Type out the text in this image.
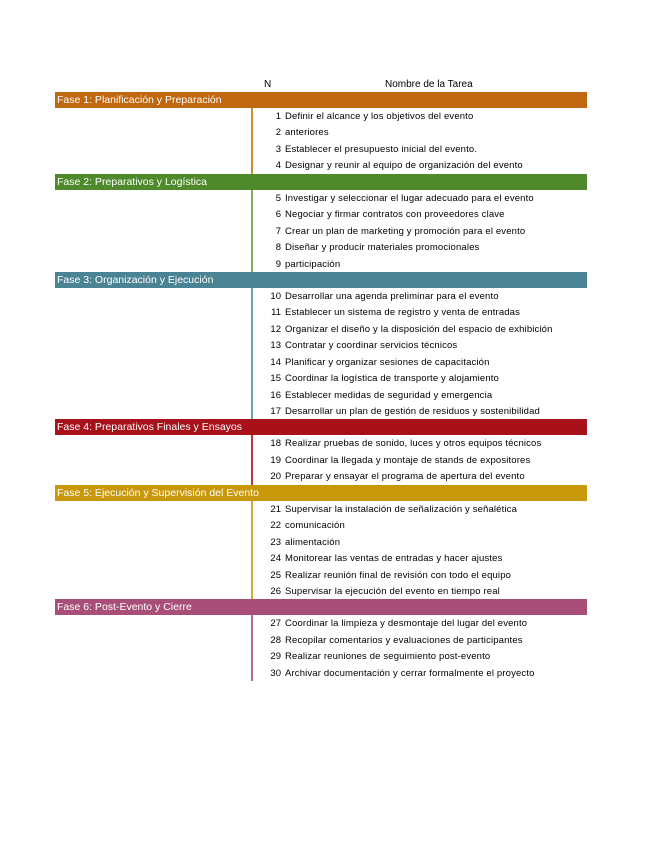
N	Nombre de la Tarea
Fase 1: Planificación y Preparación
1 Definir el alcance y los objetivos del evento
2 anteriores
3 Establecer el presupuesto inicial del evento.
4 Designar y reunir al equipo de organización del evento
Fase 2: Preparativos y Logística
5 Investigar y seleccionar el lugar adecuado para el evento
6 Negociar y firmar contratos con proveedores clave
7 Crear un plan de marketing y promoción para el evento
8 Diseñar y producir materiales promocionales
9 participación
Fase 3: Organización y Ejecución
10 Desarrollar una agenda preliminar para el evento
11 Establecer un sistema de registro y venta de entradas
12 Organizar el diseño y la disposición del espacio de exhibición
13 Contratar y coordinar servicios técnicos
14 Planificar y organizar sesiones de capacitación
15 Coordinar la logística de transporte y alojamiento
16 Establecer medidas de seguridad y emergencia
17 Desarrollar un plan de gestión de residuos y sostenibilidad
Fase 4: Preparativos Finales y Ensayos
18 Realizar pruebas de sonido, luces y otros equipos técnicos
19 Coordinar la llegada y montaje de stands de expositores
20 Preparar y ensayar el programa de apertura del evento
Fase 5: Ejecución y Supervisión del Evento
21 Supervisar la instalación de señalización y señalética
22 comunicación
23 alimentación
24 Monitorear las ventas de entradas y hacer ajustes
25 Realizar reunión final de revisión con todo el equipo
26 Supervisar la ejecución del evento en tiempo real
Fase 6: Post-Evento y Cierre
27 Coordinar la limpieza y desmontaje del lugar del evento
28 Recopilar comentarios y evaluaciones de participantes
29 Realizar reuniones de seguimiento post-evento
30 Archivar documentación y cerrar formalmente el proyecto
